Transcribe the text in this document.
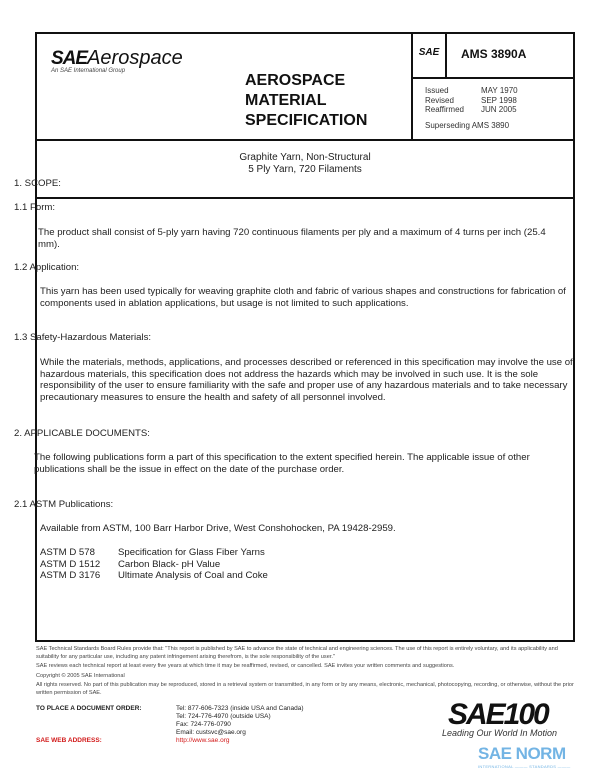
SAEAerospace
An SAE International Group
AEROSPACE
MATERIAL
SPECIFICATION
SAE	AMS 3890A
Issued	MAY 1970
Revised	SEP 1998
Reaffirmed	JUN 2005
Superseding AMS 3890
Graphite Yarn, Non-Structural
5 Ply Yarn, 720 Filaments
1. SCOPE:
1.1 Form:
The product shall consist of 5-ply yarn having 720 continuous filaments per ply and a maximum of 4 turns per inch (25.4 mm).
1.2 Application:
This yarn has been used typically for weaving graphite cloth and fabric of various shapes and constructions for fabrication of components used in ablation applications, but usage is not limited to such applications.
1.3 Safety-Hazardous Materials:
While the materials, methods, applications, and processes described or referenced in this specification may involve the use of hazardous materials, this specification does not address the hazards which may be involved in such use. It is the sole responsibility of the user to ensure familiarity with the safe and proper use of any hazardous materials and to take necessary precautionary measures to ensure the health and safety of all personnel involved.
2. APPLICABLE DOCUMENTS:
The following publications form a part of this specification to the extent specified herein. The applicable issue of other publications shall be the issue in effect on the date of the purchase order.
2.1 ASTM Publications:
Available from ASTM, 100 Barr Harbor Drive, West Conshohocken, PA 19428-2959.
ASTM D 578	Specification for Glass Fiber Yarns
ASTM D 1512	Carbon Black- pH Value
ASTM D 3176	Ultimate Analysis of Coal and Coke

SAE Technical Standards Board Rules provide that: "This report is published by SAE to advance the state of technical and engineering sciences. The use of this report is entirely voluntary, and its applicability and suitability for any particular use, including any patent infringement arising therefrom, is the sole responsibility of the user."

SAE reviews each technical report at least every five years at which time it may be reaffirmed, revised, or cancelled. SAE invites your written comments and suggestions.

Copyright © 2005 SAE International

All rights reserved. No part of this publication may be reproduced, stored in a retrieval system or transmitted, in any form or by any means, electronic, mechanical, photocopying, recording, or otherwise, without the prior written permission of SAE.

TO PLACE A DOCUMENT ORDER:	Tel: 877-606-7323 (inside USA and Canada)
Tel: 724-776-4970 (outside USA)
Fax: 724-776-0790
Email: custsvc@sae.org
SAE WEB ADDRESS:	http://www.sae.org
SAE100
Leading Our World In Motion
SAE NORM
INTERNATIONAL ——— STANDARDS ———
